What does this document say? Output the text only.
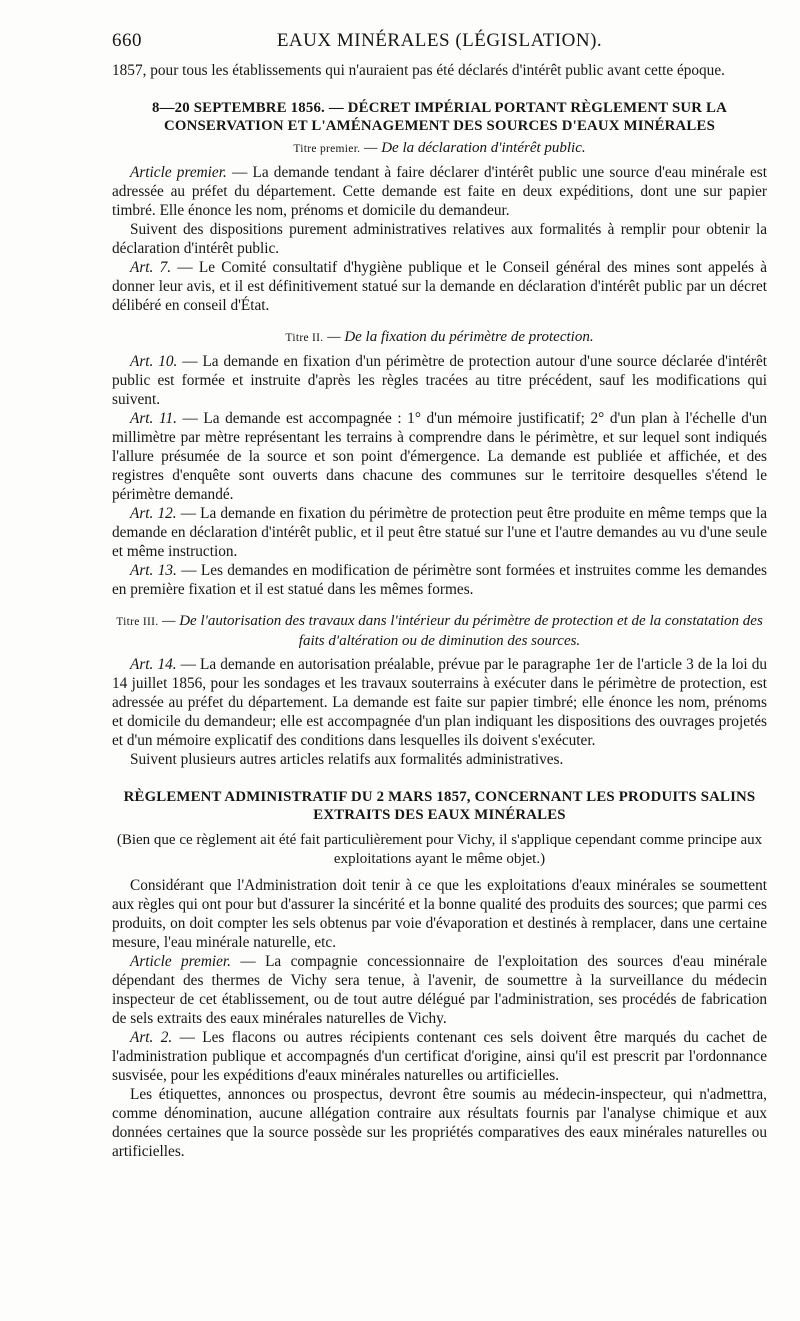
660	EAUX MINÉRALES (LÉGISLATION).

1857, pour tous les établissements qui n'auraient pas été déclarés d'intérêt public avant cette époque.

8—20 SEPTEMBRE 1856. — DÉCRET IMPÉRIAL PORTANT RÈGLEMENT SUR LA CONSERVATION ET L'AMÉNAGEMENT DES SOURCES D'EAUX MINÉRALES

Titre premier. — De la déclaration d'intérêt public.

Article premier. — La demande tendant à faire déclarer d'intérêt public une source d'eau minérale est adressée au préfet du département. Cette demande est faite en deux expéditions, dont une sur papier timbré. Elle énonce les nom, prénoms et domicile du demandeur.

Suivent des dispositions purement administratives relatives aux formalités à remplir pour obtenir la déclaration d'intérêt public.

Art. 7. — Le Comité consultatif d'hygiène publique et le Conseil général des mines sont appelés à donner leur avis, et il est définitivement statué sur la demande en déclaration d'intérêt public par un décret délibéré en conseil d'État.

Titre II. — De la fixation du périmètre de protection.

Art. 10. — La demande en fixation d'un périmètre de protection autour d'une source déclarée d'intérêt public est formée et instruite d'après les règles tracées au titre précédent, sauf les modifications qui suivent.

Art. 11. — La demande est accompagnée : 1° d'un mémoire justificatif; 2° d'un plan à l'échelle d'un millimètre par mètre représentant les terrains à comprendre dans le périmètre, et sur lequel sont indiqués l'allure présumée de la source et son point d'émergence. La demande est publiée et affichée, et des registres d'enquête sont ouverts dans chacune des communes sur le territoire desquelles s'étend le périmètre demandé.

Art. 12. — La demande en fixation du périmètre de protection peut être produite en même temps que la demande en déclaration d'intérêt public, et il peut être statué sur l'une et l'autre demandes au vu d'une seule et même instruction.

Art. 13. — Les demandes en modification de périmètre sont formées et instruites comme les demandes en première fixation et il est statué dans les mêmes formes.

Titre III. — De l'autorisation des travaux dans l'intérieur du périmètre de protection et de la constatation des faits d'altération ou de diminution des sources.

Art. 14. — La demande en autorisation préalable, prévue par le paragraphe 1er de l'article 3 de la loi du 14 juillet 1856, pour les sondages et les travaux souterrains à exécuter dans le périmètre de protection, est adressée au préfet du département. La demande est faite sur papier timbré; elle énonce les nom, prénoms et domicile du demandeur; elle est accompagnée d'un plan indiquant les dispositions des ouvrages projetés et d'un mémoire explicatif des conditions dans lesquelles ils doivent s'exécuter.

Suivent plusieurs autres articles relatifs aux formalités administratives.

RÈGLEMENT ADMINISTRATIF DU 2 MARS 1857, CONCERNANT LES PRODUITS SALINS EXTRAITS DES EAUX MINÉRALES

(Bien que ce règlement ait été fait particulièrement pour Vichy, il s'applique cependant comme principe aux exploitations ayant le même objet.)

Considérant que l'Administration doit tenir à ce que les exploitations d'eaux minérales se soumettent aux règles qui ont pour but d'assurer la sincérité et la bonne qualité des produits des sources; que parmi ces produits, on doit compter les sels obtenus par voie d'évaporation et destinés à remplacer, dans une certaine mesure, l'eau minérale naturelle, etc.

Article premier. — La compagnie concessionnaire de l'exploitation des sources d'eau minérale dépendant des thermes de Vichy sera tenue, à l'avenir, de soumettre à la surveillance du médecin inspecteur de cet établissement, ou de tout autre délégué par l'administration, ses procédés de fabrication de sels extraits des eaux minérales naturelles de Vichy.

Art. 2. — Les flacons ou autres récipients contenant ces sels doivent être marqués du cachet de l'administration publique et accompagnés d'un certificat d'origine, ainsi qu'il est prescrit par l'ordonnance susvisée, pour les expéditions d'eaux minérales naturelles ou artificielles.

Les étiquettes, annonces ou prospectus, devront être soumis au médecin-inspecteur, qui n'admettra, comme dénomination, aucune allégation contraire aux résultats fournis par l'analyse chimique et aux données certaines que la source possède sur les propriétés comparatives des eaux minérales naturelles ou artificielles.
